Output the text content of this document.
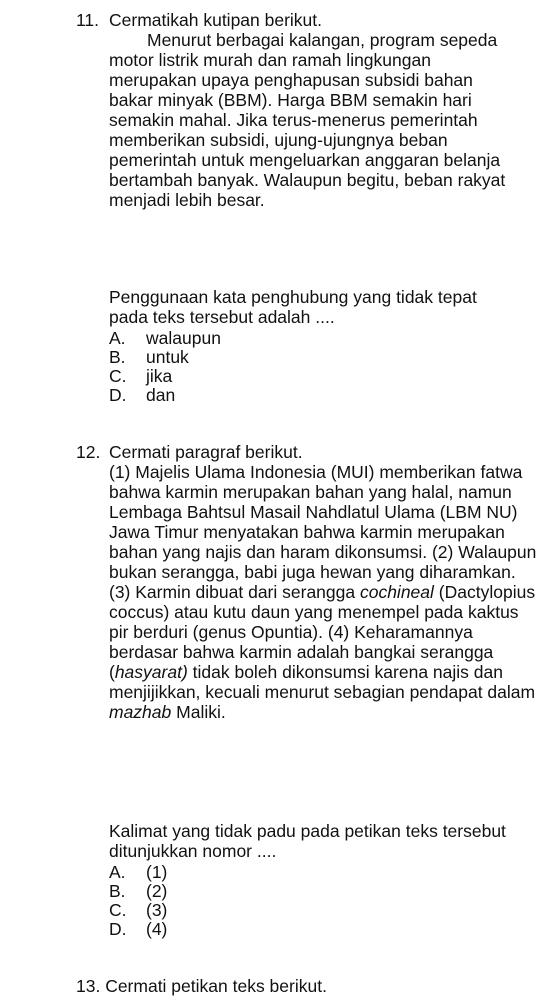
11. Cermatikah kutipan berikut.

Menurut berbagai kalangan, program sepeda motor listrik murah dan ramah lingkungan merupakan upaya penghapusan subsidi bahan bakar minyak (BBM). Harga BBM semakin hari semakin mahal. Jika terus-menerus pemerintah memberikan subsidi, ujung-ujungnya beban pemerintah untuk mengeluarkan anggaran belanja bertambah banyak. Walaupun begitu, beban rakyat menjadi lebih besar.

Penggunaan kata penghubung yang tidak tepat pada teks tersebut adalah ....

A. walaupun
B. untuk
C. jika
D. dan
12. Cermati paragraf berikut.

(1) Majelis Ulama Indonesia (MUI) memberikan fatwa bahwa karmin merupakan bahan yang halal, namun Lembaga Bahtsul Masail Nahdlatul Ulama (LBM NU) Jawa Timur menyatakan bahwa karmin merupakan bahan yang najis dan haram dikonsumsi. (2) Walaupun bukan serangga, babi juga hewan yang diharamkan. (3) Karmin dibuat dari serangga cochineal (Dactylopius coccus) atau kutu daun yang menempel pada kaktus pir berduri (genus Opuntia). (4) Keharamannya berdasar bahwa karmin adalah bangkai serangga (hasyarat) tidak boleh dikonsumsi karena najis dan menjijikkan, kecuali menurut sebagian pendapat dalam mazhab Maliki.

Kalimat yang tidak padu pada petikan teks tersebut ditunjukkan nomor ....

A. (1)
B. (2)
C. (3)
D. (4)
13. Cermati petikan teks berikut.
